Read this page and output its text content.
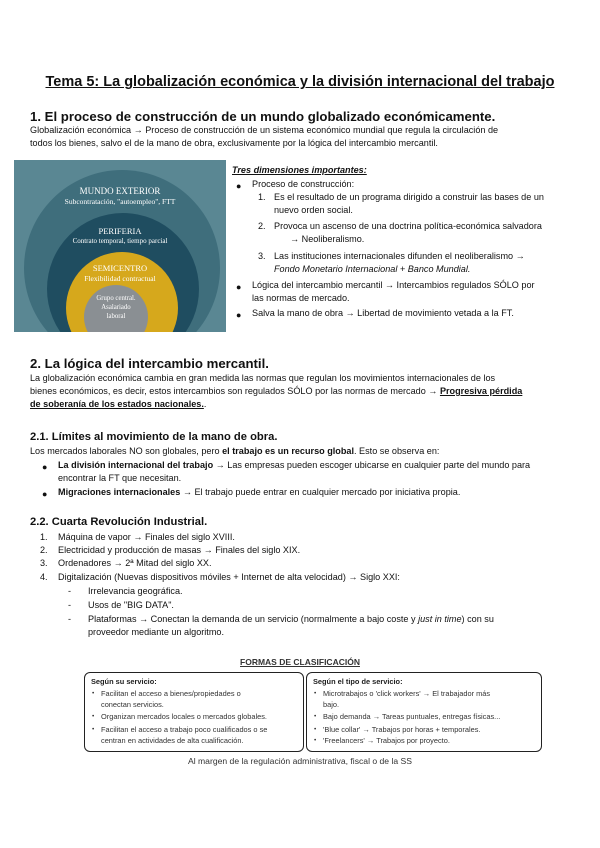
Tema 5: La globalización económica y la división internacional del trabajo
1. El proceso de construcción de un mundo globalizado económicamente.
Globalización económica → Proceso de construcción de un sistema económico mundial que regula la circulación de
todos los bienes, salvo el de la mano de obra, exclusivamente por la lógica del intercambio mercantil.
MUNDO EXTERIOR
Subcontratación, "autoempleo", FTT
PERIFERIA
Contrato temporal, tiempo parcial
SEMICENTRO
Flexibilidad contractual
Grupo central.
Asalariado
laboral
Tres dimensiones importantes:
● Proceso de construcción:
1. Es el resultado de un programa dirigido a construir las bases de un
nuevo orden social.
2. Provoca un ascenso de una doctrina política-económica salvadora
→ Neoliberalismo.
3. Las instituciones internacionales difunden el neoliberalismo →
Fondo Monetario Internacional + Banco Mundial.
● Lógica del intercambio mercantil → Intercambios regulados SÓLO por
las normas de mercado.
● Salva la mano de obra → Libertad de movimiento vetada a la FT.
2. La lógica del intercambio mercantil.
La globalización económica cambia en gran medida las normas que regulan los movimientos internacionales de los
bienes económicos, es decir, estos intercambios son regulados SÓLO por las normas de mercado → Progresiva pérdida
de soberanía de los estados nacionales..
2.1. Límites al movimiento de la mano de obra.
Los mercados laborales NO son globales, pero el trabajo es un recurso global. Esto se observa en:
● La división internacional del trabajo → Las empresas pueden escoger ubicarse en cualquier parte del mundo para
encontrar la FT que necesitan.
● Migraciones internacionales → El trabajo puede entrar en cualquier mercado por iniciativa propia.
2.2. Cuarta Revolución Industrial.
1. Máquina de vapor → Finales del siglo XVIII.
2. Electricidad y producción de masas → Finales del siglo XIX.
3. Ordenadores → 2ª Mitad del siglo XX.
4. Digitalización (Nuevas dispositivos móviles + Internet de alta velocidad) → Siglo XXI:
- Irrelevancia geográfica.
- Usos de "BIG DATA".
- Plataformas → Conectan la demanda de un servicio (normalmente a bajo coste y just in time) con su
proveedor mediante un algoritmo.
FORMAS DE CLASIFICACIÓN
Según su servicio:
• Facilitan el acceso a bienes/propiedades o
conectan servicios.
• Organizan mercados locales o mercados globales.
• Facilitan el acceso a trabajo poco cualificados o se
centran en actividades de alta cualificación.
Según el tipo de servicio:
• Microtrabajos o 'click workers' → El trabajador más
bajo.
• Bajo demanda → Tareas puntuales, entregas físicas...
• 'Blue collar' → Trabajos por horas + temporales.
• 'Freelancers' → Trabajos por proyecto.
Al margen de la regulación administrativa, fiscal o de la SS
